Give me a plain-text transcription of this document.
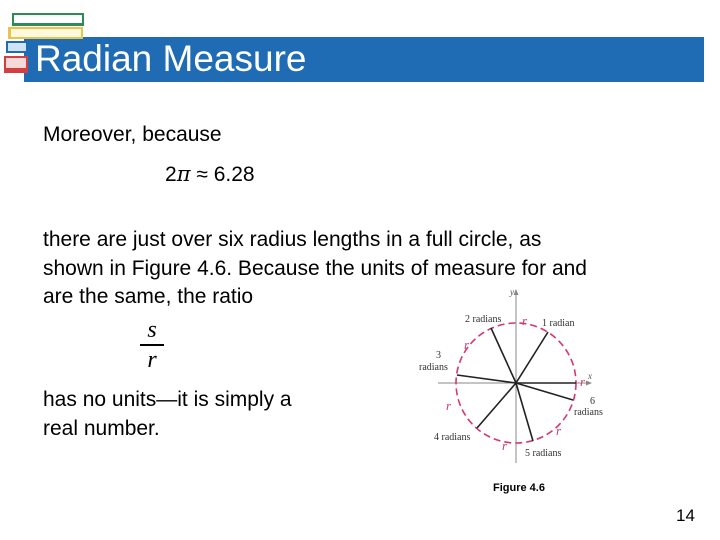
Radian Measure
Moreover, because
2π ≈ 6.28
there are just over six radius lengths in a full circle, as
shown in Figure 4.6. Because the units of measure for and
are the same, the ratio
s
r
has no units—it is simply a
real number.
x
y
r
r
r
r
r
r
1 radian
2 radians
3
radians
4 radians
5 radians
6
radians
Figure 4.6
14
